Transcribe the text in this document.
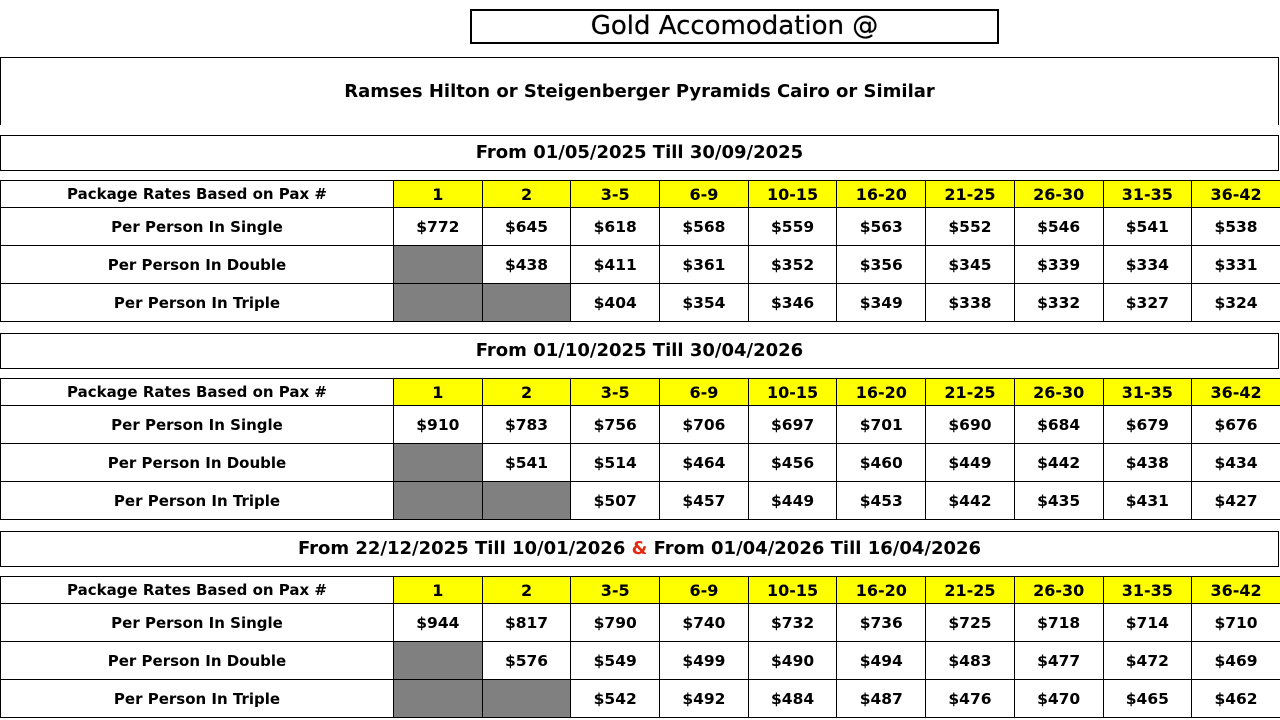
Gold Accomodation @
Ramses Hilton or Steigenberger Pyramids Cairo or Similar
From 01/05/2025 Till 30/09/2025
Package Rates Based on Pax #	1	2	3-5	6-9	10-15	16-20	21-25	26-30	31-35	36-42
Per Person In Single	$772	$645	$618	$568	$559	$563	$552	$546	$541	$538
Per Person In Double		$438	$411	$361	$352	$356	$345	$339	$334	$331
Per Person In Triple			$404	$354	$346	$349	$338	$332	$327	$324
From 01/10/2025 Till 30/04/2026
Package Rates Based on Pax #	1	2	3-5	6-9	10-15	16-20	21-25	26-30	31-35	36-42
Per Person In Single	$910	$783	$756	$706	$697	$701	$690	$684	$679	$676
Per Person In Double		$541	$514	$464	$456	$460	$449	$442	$438	$434
Per Person In Triple			$507	$457	$449	$453	$442	$435	$431	$427
From 22/12/2025 Till 10/01/2026 & From 01/04/2026 Till 16/04/2026
Package Rates Based on Pax #	1	2	3-5	6-9	10-15	16-20	21-25	26-30	31-35	36-42
Per Person In Single	$944	$817	$790	$740	$732	$736	$725	$718	$714	$710
Per Person In Double		$576	$549	$499	$490	$494	$483	$477	$472	$469
Per Person In Triple			$542	$492	$484	$487	$476	$470	$465	$462
